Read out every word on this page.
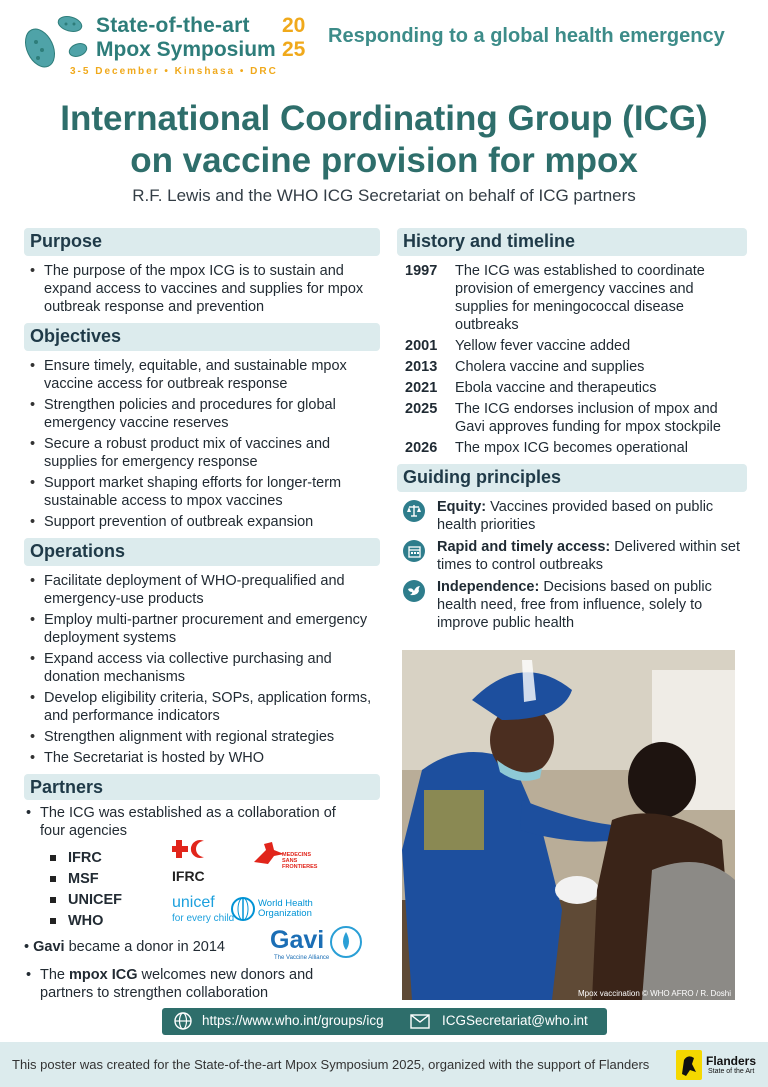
State-of-the-art
Mpox Symposium
20
25
3-5 December • Kinshasa • DRC
Responding to a global health emergency
International Coordinating Group (ICG)
on vaccine provision for mpox
R.F. Lewis and the WHO ICG Secretariat on behalf of ICG partners
Purpose
• The purpose of the mpox ICG is to sustain and expand access to vaccines and supplies for mpox outbreak response and prevention
Objectives
• Ensure timely, equitable, and sustainable mpox vaccine access for outbreak response
• Strengthen policies and procedures for global emergency vaccine reserves
• Secure a robust product mix of vaccines and supplies for emergency response
• Support market shaping efforts for longer-term sustainable access to mpox vaccines
• Support prevention of outbreak expansion
Operations
• Facilitate deployment of WHO-prequalified and emergency-use products
• Employ multi-partner procurement and emergency deployment systems
• Expand access via collective purchasing and donation mechanisms
• Develop eligibility criteria, SOPs, application forms, and performance indicators
• Strengthen alignment with regional strategies
• The Secretariat is hosted by WHO
Partners
• The ICG was established as a collaboration of four agencies
IFRC
MSF
UNICEF
WHO
IFRC
MEDECINS
SANS FRONTIERES
unicef
for every child
World Health
Organization
• Gavi became a donor in 2014 Gavi
The Vaccine Alliance
• The mpox ICG welcomes new donors and partners to strengthen collaboration
History and timeline
1997	The ICG was established to coordinate provision of emergency vaccines and supplies for meningococcal disease outbreaks
2001	Yellow fever vaccine added
2013	Cholera vaccine and supplies
2021	Ebola vaccine and therapeutics
2025	The ICG endorses inclusion of mpox and Gavi approves funding for mpox stockpile
2026	The mpox ICG becomes operational
Guiding principles
Equity: Vaccines provided based on public health priorities
Rapid and timely access: Delivered within set times to control outbreaks
Independence: Decisions based on public health need, free from influence, solely to improve public health
Mpox vaccination © WHO AFRO / R. Doshi
https://www.who.int/groups/icg	ICGSecretariat@who.int
This poster was created for the State-of-the-art Mpox Symposium 2025, organized with the support of Flanders	Flanders
State of the Art
